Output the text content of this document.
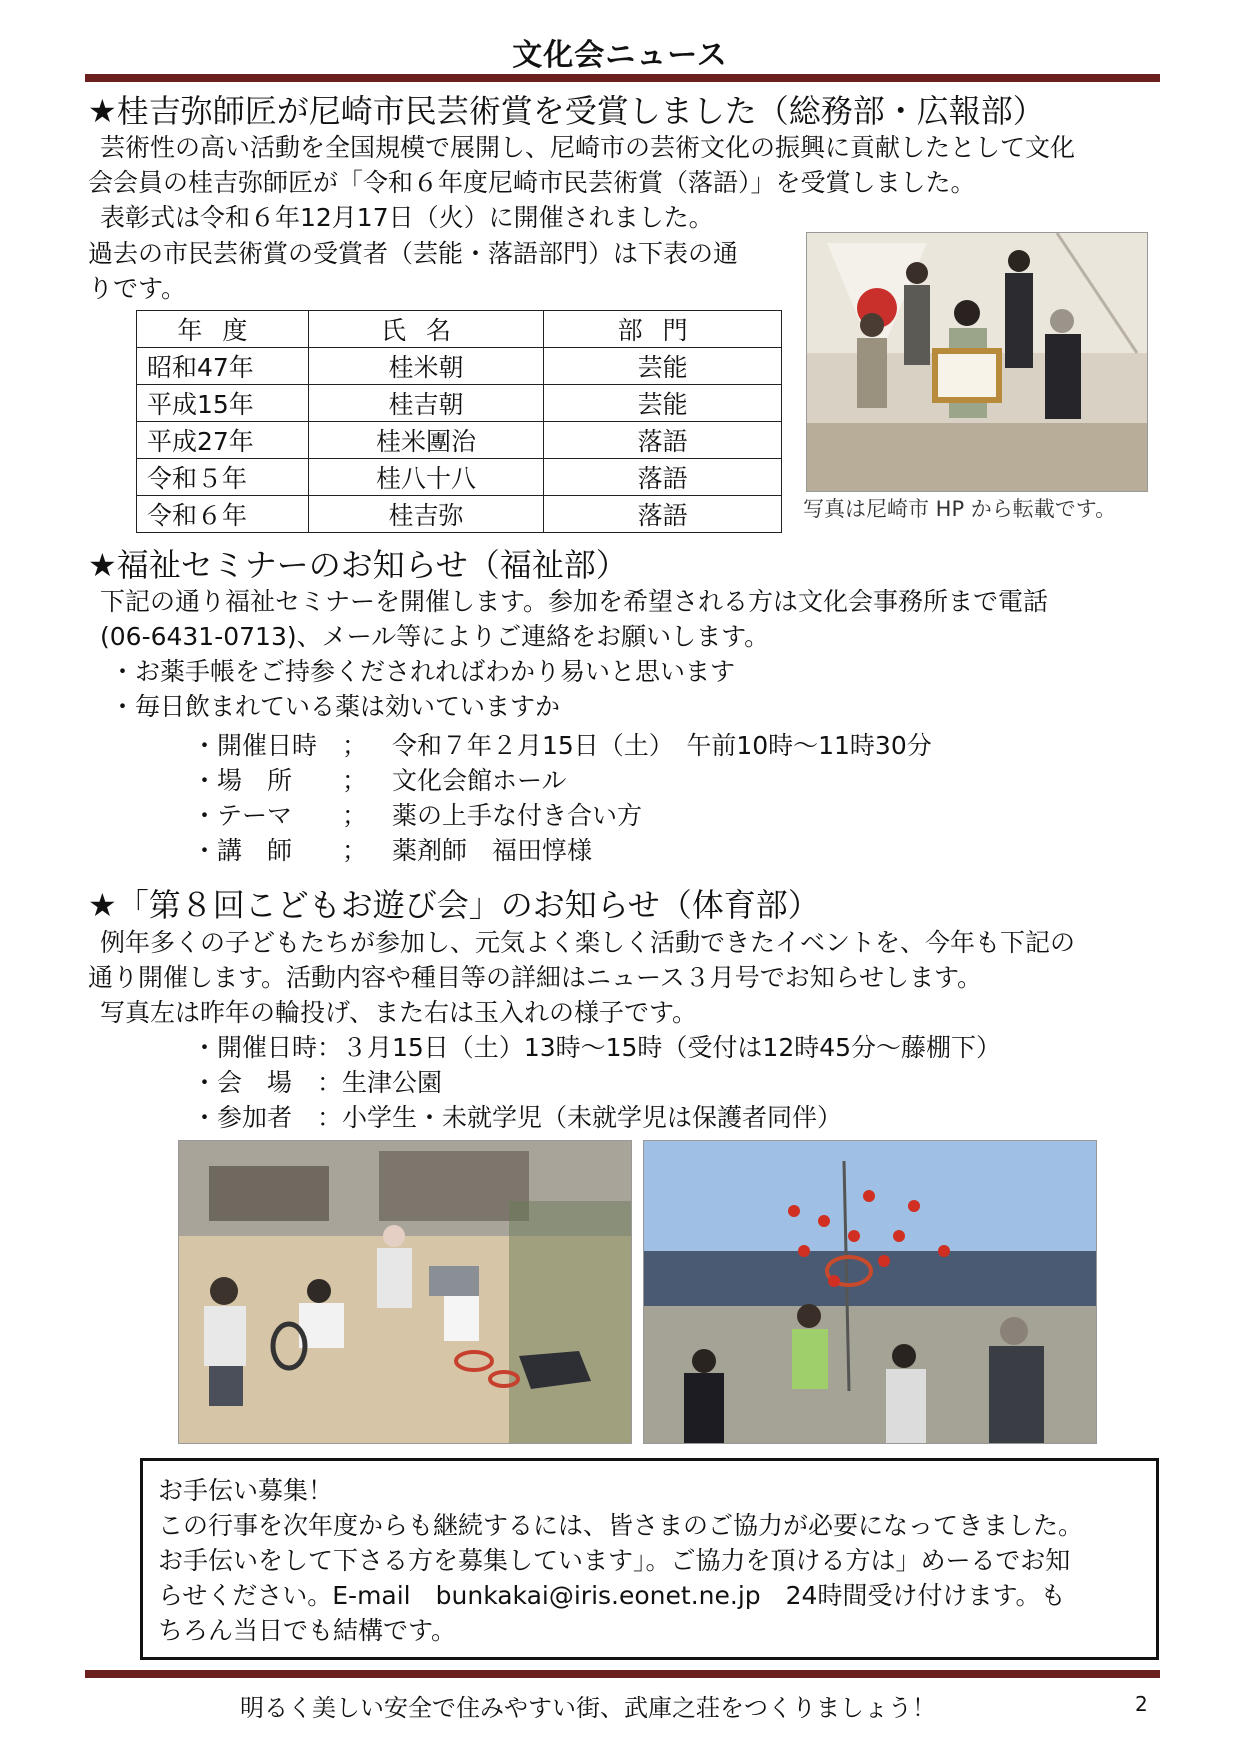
文化会ニュース
★桂吉弥師匠が尼崎市民芸術賞を受賞しました（総務部・広報部）
芸術性の高い活動を全国規模で展開し、尼崎市の芸術文化の振興に貢献したとして文化
会会員の桂吉弥師匠が「令和６年度尼崎市民芸術賞（落語）」を受賞しました。
表彰式は令和６年12月17日（火）に開催されました。
過去の市民芸術賞の受賞者（芸能・落語部門）は下表の通
りです。
年度	氏名	部門
昭和47年	桂米朝	芸能
平成15年	桂吉朝	芸能
平成27年	桂米團治	落語
令和５年	桂八十八	落語
令和６年	桂吉弥	落語	写真は尼崎市 HP から転載です。
★福祉セミナーのお知らせ（福祉部）
下記の通り福祉セミナーを開催します。参加を希望される方は文化会事務所まで電話
(06-6431-0713)、メール等によりご連絡をお願いします。
・お薬手帳をご持参くだされればわかり易いと思います
・毎日飲まれている薬は効いていますか
・開催日時 ； 令和７年２月15日（土）　午前10時～11時30分
・場　所	； 文化会館ホール
・テーマ	； 薬の上手な付き合い方
・講　師	； 薬剤師　福田惇様
★「第８回こどもお遊び会」のお知らせ（体育部）
例年多くの子どもたちが参加し、元気よく楽しく活動できたイベントを、今年も下記の
通り開催します。活動内容や種目等の詳細はニュース３月号でお知らせします。
写真左は昨年の輪投げ、また右は玉入れの様子です。
・開催日時：３月15日（土）13時～15時（受付は12時45分～藤棚下）
・会　場　：生津公園
・参加者　：小学生・未就学児（未就学児は保護者同伴）
お手伝い募集！
この行事を次年度からも継続するには、皆さまのご協力が必要になってきました。
お手伝いをして下さる方を募集しています」。ご協力を頂ける方は」めーるでお知
らせください。E-mail　bunkakai@iris.eonet.ne.jp　24時間受け付けます。も
ちろん当日でも結構です。
明るく美しい安全で住みやすい街、武庫之荘をつくりましょう！	2
